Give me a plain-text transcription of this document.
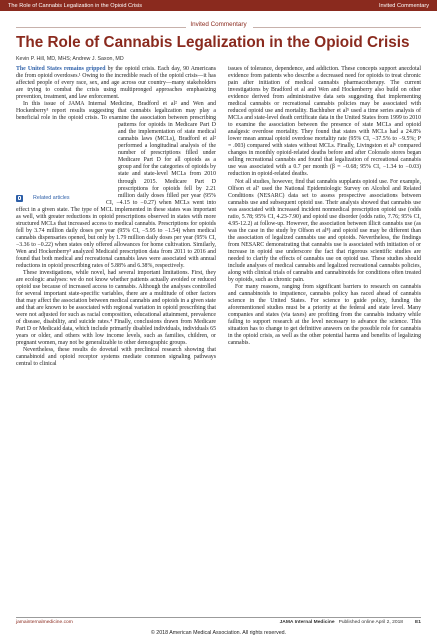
The Role of Cannabis Legalization in the Opioid Crisis	Invited Commentary
Invited Commentary
The Role of Cannabis Legalization in the Opioid Crisis
Kevin P. Hill, MD, MHS; Andrew J. Saxon, MD

The United States remains gripped by the opioid crisis. Each day, 90 Americans die from opioid overdoses.¹ Owing to the incredible reach of the opioid crisis—it has affected people of every race, sex, and age across our country—many stakeholders are trying to combat the crisis using multipronged approaches emphasizing prevention, treatment, and law enforcement.

In this issue of JAMA Internal Medicine, Bradford et al² and Wen and Hockenberry³ report results suggesting that cannabis legalization may play a beneficial role in the opioid crisis. To examine the association between prescribing patterns for
Related articles
opioids in Medicare Part D and the implementation of state medical cannabis laws (MCLs), Bradford et al² performed a longitudinal analysis of the number of prescriptions filled under Medicare Part D for all opioids as a group and for the categories of opioids by state and state-level MCLs from 2010 through 2015. Medicare Part D prescriptions for opioids fell by 2.21 million daily doses filled per year (95% CI, −4.15 to −0.27) when MCLs went into effect in a given state. The type of MCL implemented in these states was important as well, with greater reductions in opioid prescriptions observed in states with more structured MCLs that increased access to medical cannabis. Prescriptions for opioids fell by 3.74 million daily doses per year (95% CI, −5.95 to −1.54) when medical cannabis dispensaries opened, but only by 1.79 million daily doses per year (95% CI, −3.36 to −0.22) when states only offered allowances for home cultivation. Similarly, Wen and Hockenberry³ analyzed Medicaid prescription data from 2011 to 2016 and found that both medical and recreational cannabis laws were associated with annual reductions in opioid prescribing rates of 5.88% and 6.38%, respectively.

These investigations, while novel, had several important limitations. First, they are ecologic analyses: we do not know whether patients actually avoided or reduced opioid use because of increased access to cannabis. Although the analyses controlled for several important state-specific variables, there are a multitude of other factors that may affect the association between medical cannabis and opioids in a given state and that are known to be associated with regional variation in opioid prescribing that were not adjusted for such as racial composition, educational attainment, prevalence of disease, disability, and suicide rates.⁴ Finally, conclusions drawn from Medicare Part D or Medicaid data, which include primarily disabled individuals, individuals 65 years or older, and others with low income levels, such as families, children, or pregnant women, may not be generalizable to other demographic groups.

Nevertheless, these results do dovetail with preclinical research showing that cannabinoid and opioid receptor systems mediate common signaling pathways central to clinical

issues of tolerance, dependence, and addiction. These concepts support anecdotal evidence from patients who describe a decreased need for opioids to treat chronic pain after initiation of medical cannabis pharmacotherapy. The current investigations by Bradford et al and Wen and Hockenberry also build on other evidence derived from administrative data sets suggesting that implementing medical cannabis or recreational cannabis policies may be associated with reduced opioid use and mortality. Bachhuber et al⁵ used a time series analysis of MCLs and state-level death certificate data in the United States from 1999 to 2010 to examine the association between the presence of state MCLs and opioid analgesic overdose mortality. They found that states with MCLs had a 24.8% lower mean annual opioid overdose mortality rate (95% CI, −37.5% to −9.5%; P = .003) compared with states without MCLs. Finally, Livingston et al⁶ compared changes in monthly opioid-related deaths before and after Colorado stores began selling recreational cannabis and found that legalization of recreational cannabis use was associated with a 0.7 per month (β = −0.68; 95% CI, −1.34 to −0.03) reduction in opioid-related deaths.

Not all studies, however, find that cannabis supplants opioid use. For example, Olfson et al⁷ used the National Epidemiologic Survey on Alcohol and Related Conditions (NESARC) data set to assess prospective associations between cannabis use and subsequent opioid use. Their analysis showed that cannabis use was associated with increased incident nonmedical prescription opioid use (odds ratio, 5.78; 95% CI, 4.23-7.90) and opioid use disorder (odds ratio, 7.76; 95% CI, 4.95-12.2) at follow-up. However, the association between illicit cannabis use (as was the case in the study by Olfson et al⁸) and opioid use may be different than the association of legalized cannabis use and opioids. Nevertheless, the findings from NESARC demonstrating that cannabis use is associated with initiation of or increase in opioid use underscore the fact that rigorous scientific studies are needed to clarify the effects of cannabis use on opioid use. These studies should include analyses of medical cannabis and legalized recreational cannabis policies, along with clinical trials of cannabis and cannabinoids for conditions often treated by opioids, such as chronic pain.

For many reasons, ranging from significant barriers to research on cannabis and cannabinoids to impatience, cannabis policy has raced ahead of cannabis science in the United States. For science to guide policy, funding the aforementioned studies must be a priority at the federal and state level. Many companies and states (via taxes) are profiting from the cannabis industry while failing to support research at the level necessary to advance the science. This situation has to change to get definitive answers on the possible role for cannabis in the opioid crisis, as well as the other potential harms and benefits of legalizing cannabis.

jamainternalmedicine.com	JAMA Internal Medicine Published online April 2, 2018 E1
© 2018 American Medical Association. All rights reserved.
